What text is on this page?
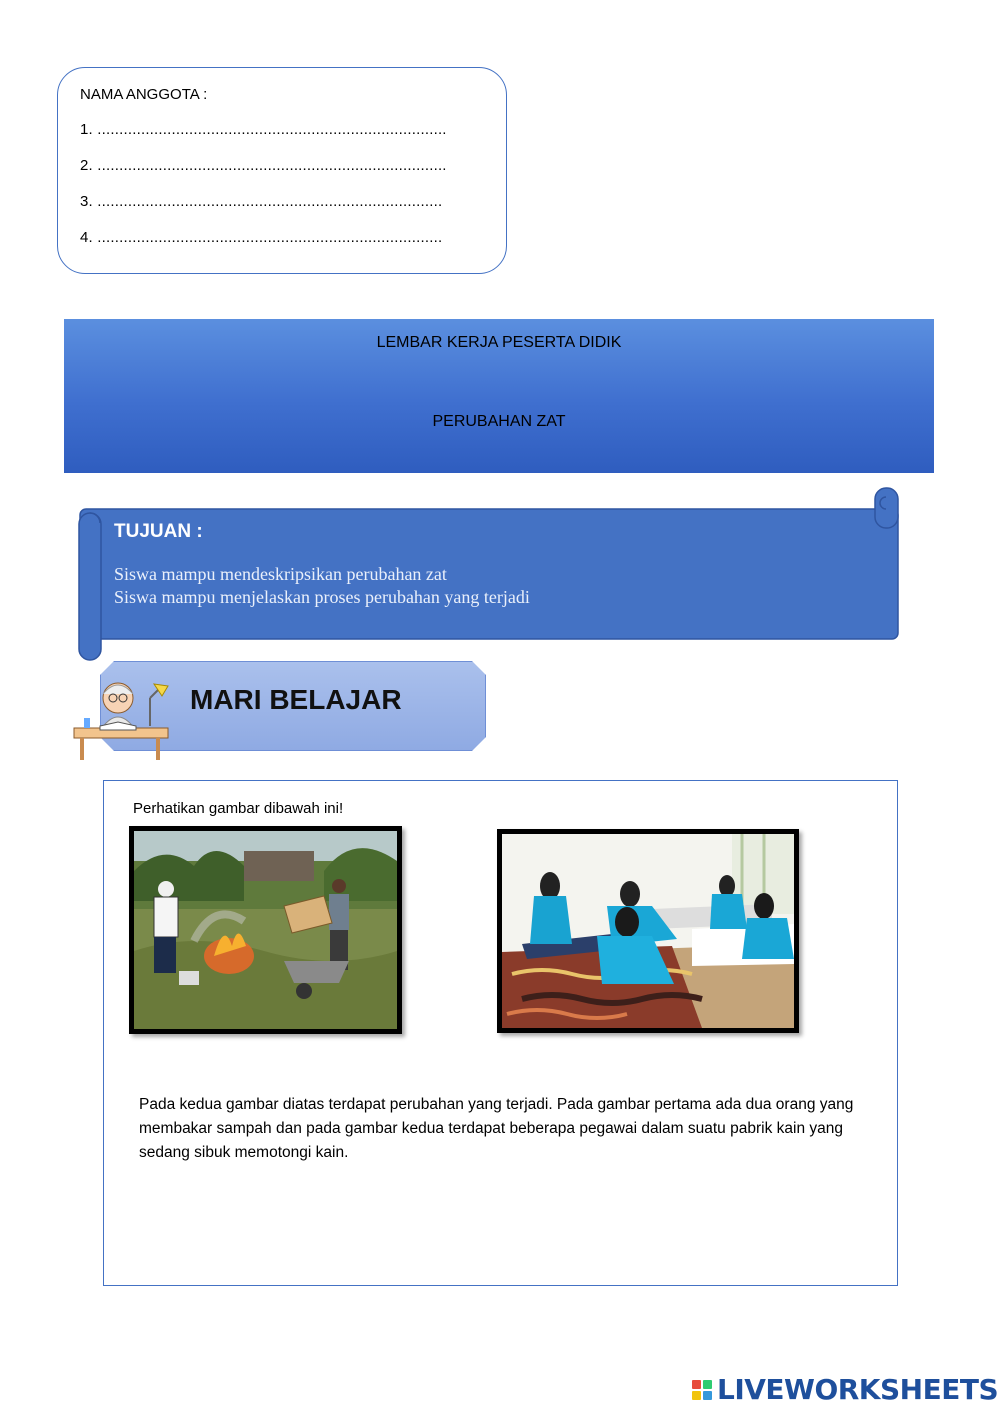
NAMA ANGGOTA :
1. ................................................................................
2. ................................................................................
3. ...............................................................................
4. ...............................................................................
LEMBAR KERJA PESERTA DIDIK
PERUBAHAN ZAT
TUJUAN :
Siswa mampu mendeskripsikan perubahan zat
Siswa mampu menjelaskan proses perubahan yang terjadi
MARI BELAJAR
Perhatikan gambar dibawah ini!
Pada kedua gambar diatas terdapat perubahan yang terjadi. Pada gambar pertama ada dua orang yang membakar sampah dan pada gambar kedua terdapat beberapa pegawai dalam suatu pabrik kain yang sedang sibuk memotongi kain.
LIVEWORKSHEETS
